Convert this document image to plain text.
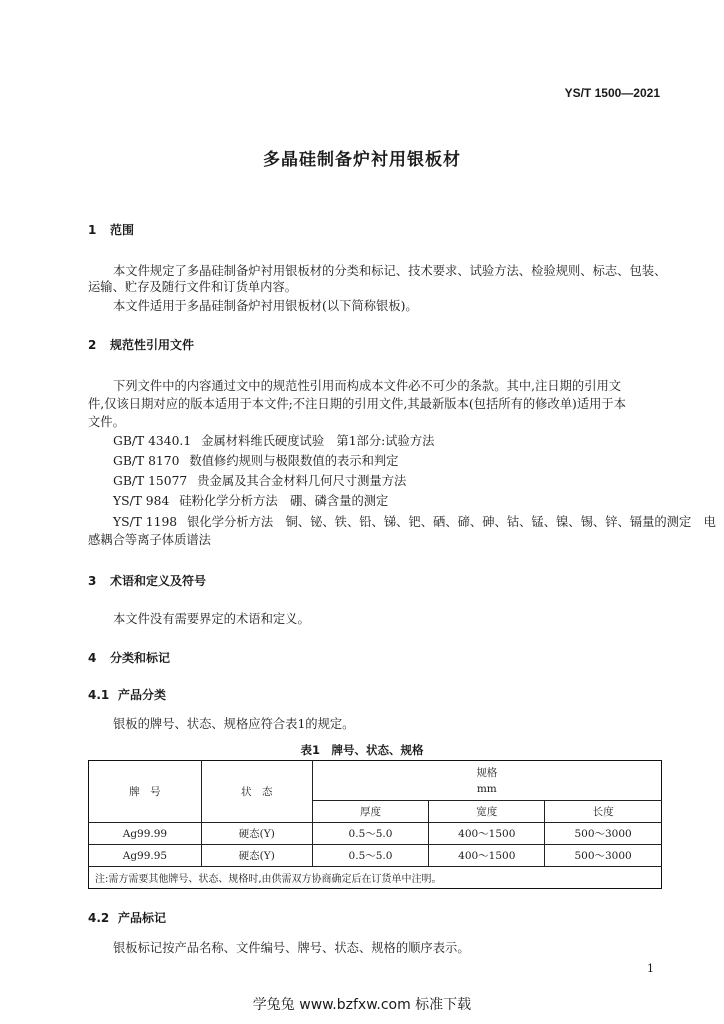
YS/T 1500—2021
多晶硅制备炉衬用银板材
1 范围

本文件规定了多晶硅制备炉衬用银板材的分类和标记、技术要求、试验方法、检验规则、标志、包装、

运输、贮存及随行文件和订货单内容。

本文件适用于多晶硅制备炉衬用银板材(以下简称银板)。

2 规范性引用文件

下列文件中的内容通过文中的规范性引用而构成本文件必不可少的条款。其中,注日期的引用文

件,仅该日期对应的版本适用于本文件;不注日期的引用文件,其最新版本(包括所有的修改单)适用于本

文件。

GB/T 4340.1 金属材料维氏硬度试验　第1部分:试验方法

GB/T 8170 数值修约规则与极限数值的表示和判定

GB/T 15077 贵金属及其合金材料几何尺寸测量方法

YS/T 984 硅粉化学分析方法　硼、磷含量的测定

YS/T 1198 银化学分析方法　铜、铋、铁、铅、锑、钯、硒、碲、砷、钴、锰、镍、锡、锌、镉量的测定　电

感耦合等离子体质谱法

3 术语和定义及符号

本文件没有需要界定的术语和定义。

4 分类和标记
4.1 产品分类

银板的牌号、状态、规格应符合表1的规定。

表1　牌号、状态、规格
牌　号	状　态	规格
mm		

		厚度	宽度	长度
Ag99.99	硬态(Y)	0.5～5.0	400～1500	500～3000
Ag99.95	硬态(Y)	0.5～5.0	400～1500	500～3000
注:需方需要其他牌号、状态、规格时,由供需双方协商确定后在订货单中注明。				
4.2 产品标记

银板标记按产品名称、文件编号、牌号、状态、规格的顺序表示。

1
学兔兔 www.bzfxw.com 标准下载
